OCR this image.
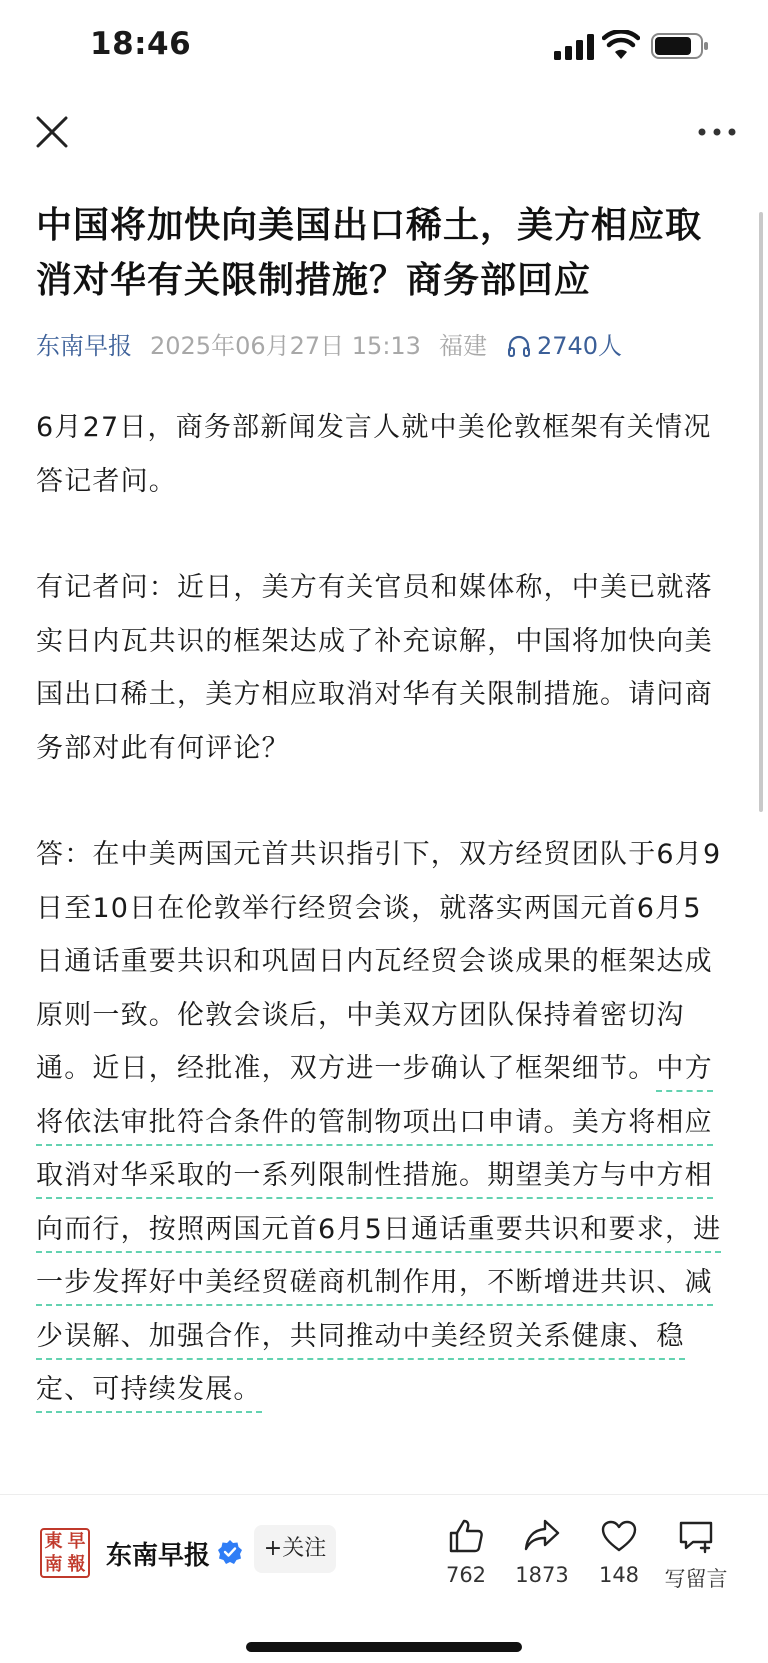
18:46
中国将加快向美国出口稀土，美方相应取消对华有关限制措施？商务部回应
东南早报 2025年06月27日 15:13 福建 2740人

6月27日，商务部新闻发言人就中美伦敦框架有关情况答记者问。

有记者问：近日，美方有关官员和媒体称，中美已就落实日内瓦共识的框架达成了补充谅解，中国将加快向美国出口稀土，美方相应取消对华有关限制措施。请问商务部对此有何评论？

答：在中美两国元首共识指引下，双方经贸团队于6月9日至10日在伦敦举行经贸会谈，就落实两国元首6月5日通话重要共识和巩固日内瓦经贸会谈成果的框架达成原则一致。伦敦会谈后，中美双方团队保持着密切沟通。近日，经批准，双方进一步确认了框架细节。中方将依法审批符合条件的管制物项出口申请。美方将相应取消对华采取的一系列限制性措施。期望美方与中方相向而行，按照两国元首6月5日通话重要共识和要求，进一步发挥好中美经贸磋商机制作用，不断增进共识、减少误解、加强合作，共同推动中美经贸关系健康、稳定、可持续发展。

東 早
南 報 东南早报	+关注
762	1873	148	写留言
